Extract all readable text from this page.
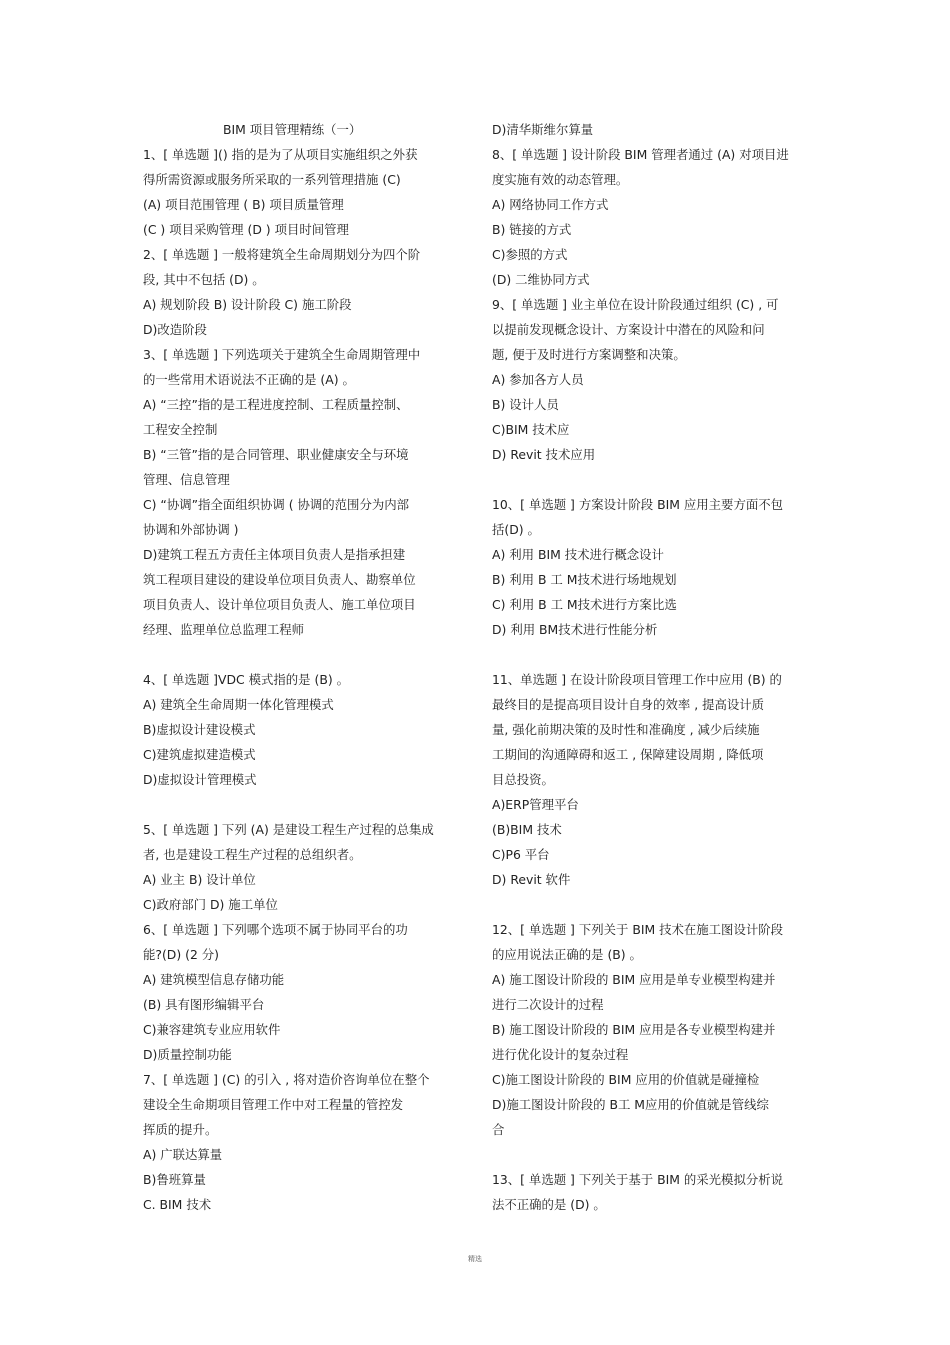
BIM 项目管理精练（一）
1、[ 单选题 ]() 指的是为了从项目实施组织之外获
得所需资源或服务所采取的一系列管理措施 (C)
(A) 项目范围管理 ( B) 项目质量管理
(C ) 项目采购管理 (D ) 项目时间管理
2、[ 单选题 ] 一般将建筑全生命周期划分为四个阶
段, 其中不包括 (D) 。
A) 规划阶段 B) 设计阶段 C) 施工阶段
D)改造阶段
3、[ 单选题 ] 下列选项关于建筑全生命周期管理中
的一些常用术语说法不正确的是 (A) 。
A) “三控”指的是工程进度控制、工程质量控制、
工程安全控制
B) “三管”指的是合同管理、职业健康安全与环境
管理、信息管理
C) “协调”指全面组织协调 ( 协调的范围分为内部
协调和外部协调 )
D)建筑工程五方责任主体项目负责人是指承担建
筑工程项目建设的建设单位项目负责人、勘察单位
项目负责人、设计单位项目负责人、施工单位项目
经理、监理单位总监理工程师
4、[ 单选题 ]VDC 模式指的是 (B) 。
A) 建筑全生命周期一体化管理模式
B)虚拟设计建设模式
C)建筑虚拟建造模式
D)虚拟设计管理模式
5、[ 单选题 ] 下列 (A) 是建设工程生产过程的总集成
者, 也是建设工程生产过程的总组织者。
A) 业主 B) 设计单位
C)政府部门 D) 施工单位
6、[ 单选题 ] 下列哪个选项不属于协同平台的功
能?(D) (2 分)
A) 建筑模型信息存储功能
(B) 具有图形编辑平台
C)兼容建筑专业应用软件
D)质量控制功能
7、[ 单选题 ] (C) 的引入 , 将对造价咨询单位在整个
建设全生命期项目管理工作中对工程量的管控发
挥质的提升。
A) 广联达算量
B)鲁班算量
C. BIM 技术
D)清华斯维尔算量
8、[ 单选题 ] 设计阶段 BIM 管理者通过 (A) 对项目进
度实施有效的动态管理。
A) 网络协同工作方式
B) 链接的方式
C)参照的方式
(D) 二维协同方式
9、[ 单选题 ] 业主单位在设计阶段通过组织 (C) , 可
以提前发现概念设计、方案设计中潜在的风险和问
题, 便于及时进行方案调整和决策。
A) 参加各方人员
B) 设计人员
C)BIM 技术应
D) Revit 技术应用
10、[ 单选题 ] 方案设计阶段 BIM 应用主要方面不包
括(D) 。
A) 利用 BIM 技术进行概念设计
B) 利用 B 工 M技术进行场地规划
C) 利用 B 工 M技术进行方案比选
D) 利用 BM技术进行性能分析
11、单选题 ] 在设计阶段项目管理工作中应用 (B) 的
最终目的是提高项目设计自身的效率 , 提高设计质
量, 强化前期决策的及时性和准确度 , 减少后续施
工期间的沟通障碍和返工 , 保障建设周期 , 降低项
目总投资。
A)ERP管理平台
(B)BIM 技术
C)P6 平台
D) Revit 软件
12、[ 单选题 ] 下列关于 BIM 技术在施工图设计阶段
的应用说法正确的是 (B) 。
A) 施工图设计阶段的 BIM 应用是单专业模型构建并
进行二次设计的过程
B) 施工图设计阶段的 BIM 应用是各专业模型构建并
进行优化设计的复杂过程
C)施工图设计阶段的 BIM 应用的价值就是碰撞检
D)施工图设计阶段的 B工 M应用的价值就是管线综
合
13、[ 单选题 ] 下列关于基于 BIM 的采光模拟分析说
法不正确的是 (D) 。
精选
